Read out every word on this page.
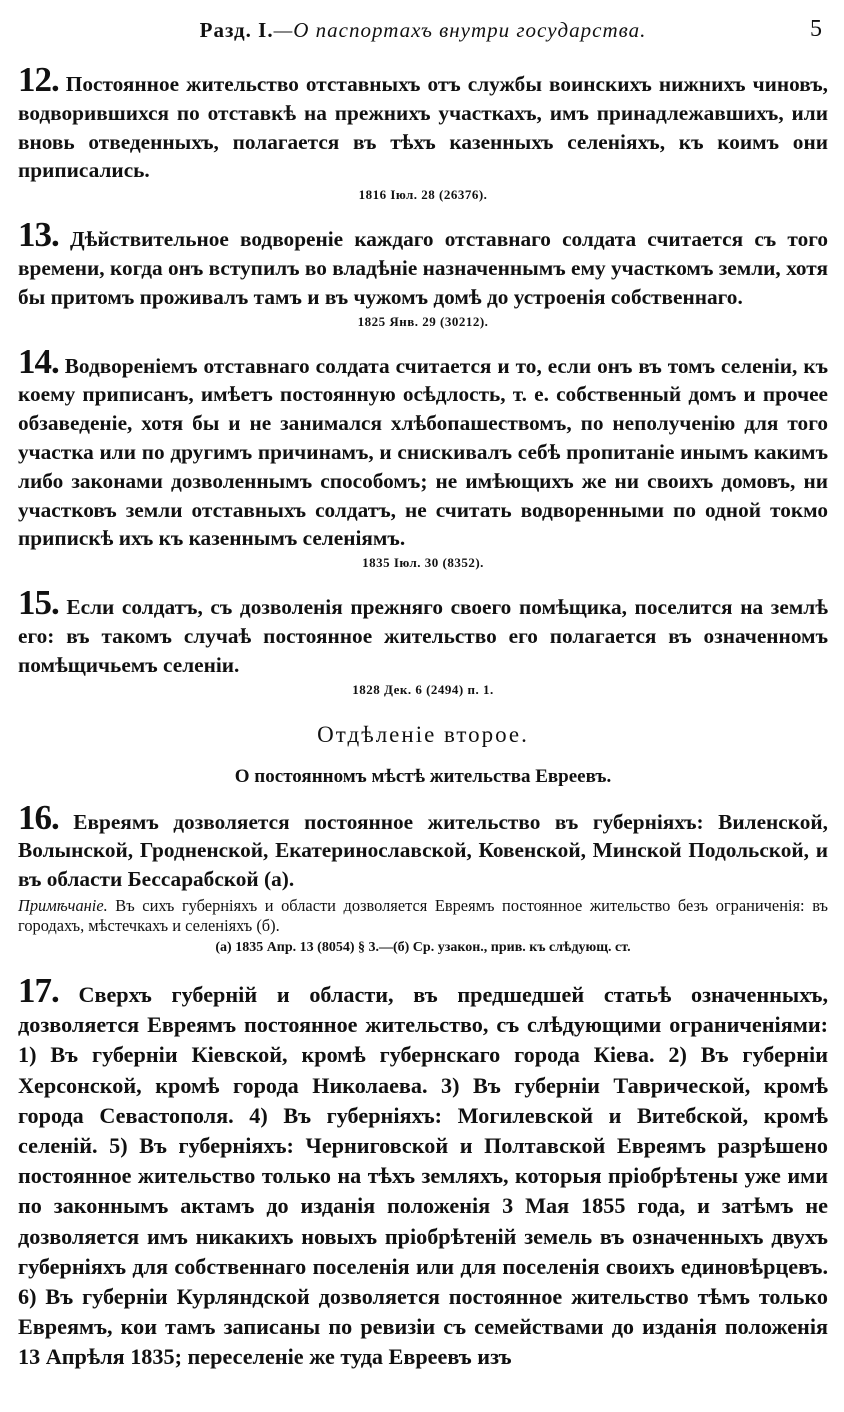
Разд. I.—О паспортахъ внутри государства.	5

12. Постоянное жительство отставныхъ отъ службы воинскихъ нижнихъ чиновъ, водворившихся по отставкѣ на прежнихъ участкахъ, имъ принадлежавшихъ, или вновь отведенныхъ, полагается въ тѣхъ казенныхъ селеніяхъ, къ коимъ они приписались.

1816 Іюл. 28 (26376).

13. Дѣйствительное водвореніе каждаго отставнаго солдата считается съ того времени, когда онъ вступилъ во владѣніе назначеннымъ ему участкомъ земли, хотя бы притомъ проживалъ тамъ и въ чужомъ домѣ до устроенія собственнаго.

1825 Янв. 29 (30212).

14. Водвореніемъ отставнаго солдата считается и то, если онъ въ томъ селеніи, къ коему приписанъ, имѣетъ постоянную осѣдлость, т. е. собственный домъ и прочее обзаведеніе, хотя бы и не занимался хлѣбопашествомъ, по неполученію для того участка или по другимъ причинамъ, и снискивалъ себѣ пропитаніе инымъ какимъ либо законами дозволеннымъ способомъ; не имѣющихъ же ни своихъ домовъ, ни участковъ земли отставныхъ солдатъ, не считать водворенными по одной токмо припискѣ ихъ къ казеннымъ селеніямъ.

1835 Іюл. 30 (8352).

15. Если солдатъ, съ дозволенія прежняго своего помѣщика, поселится на землѣ его: въ такомъ случаѣ постоянное жительство его полагается въ означенномъ помѣщичьемъ селеніи.

1828 Дек. 6 (2494) п. 1.

Отдѣленіе второе.

О постоянномъ мѣстѣ жительства Евреевъ.

16. Евреямъ дозволяется постоянное жительство въ губерніяхъ: Виленской, Волынской, Гродненской, Екатеринославской, Ковенской, Минской Подольской, и въ области Бессарабской (а).

Примѣчаніе. Въ сихъ губерніяхъ и области дозволяется Евреямъ постоянное жительство безъ ограниченія: въ городахъ, мѣстечкахъ и селеніяхъ (б).

(а) 1835 Апр. 13 (8054) § 3.—(б) Ср. узакон., прив. къ слѣдующ. ст.

17. Сверхъ губерній и области, въ предшедшей статьѣ означенныхъ, дозволяется Евреямъ постоянное жительство, съ слѣдующими ограниченіями: 1) Въ губерніи Кіевской, кромѣ губернскаго города Кіева. 2) Въ губерніи Херсонской, кромѣ города Николаева. 3) Въ губерніи Таврической, кромѣ города Севастополя. 4) Въ губерніяхъ: Могилевской и Витебской, кромѣ селеній. 5) Въ губерніяхъ: Черниговской и Полтавской Евреямъ разрѣшено постоянное жительство только на тѣхъ земляхъ, которыя пріобрѣтены уже ими по законнымъ актамъ до изданія положенія 3 Мая 1855 года, и затѣмъ не дозволяется имъ никакихъ новыхъ пріобрѣтеній земель въ означенныхъ двухъ губерніяхъ для собственнаго поселенія или для поселенія своихъ единовѣрцевъ. 6) Въ губерніи Курляндской дозволяется постоянное жительство тѣмъ только Евреямъ, кои тамъ записаны по ревизіи съ семействами до изданія положенія 13 Апрѣля 1835; переселеніе же туда Евреевъ изъ
